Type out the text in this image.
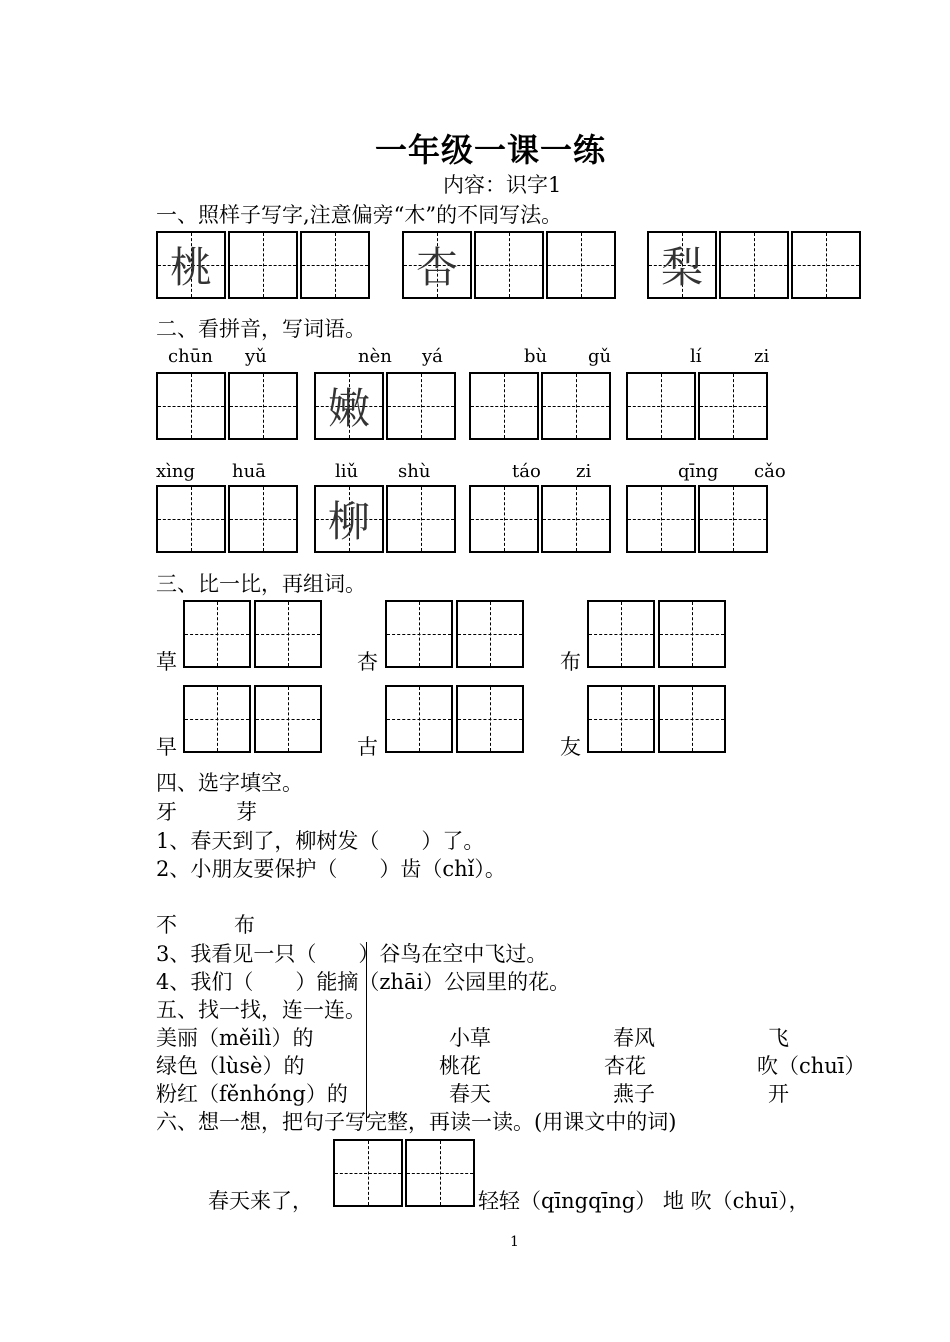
一年级一课一练
内容：识字1
一、照样子写字,注意偏旁“木”的不同写法。
桃	杏	梨
二、看拼音，写词语。
chūn yǔ	nèn yá	bù gǔ	lí	zi
嫩
xìng huā	liǔ shù	táo zi	qīng cǎo
柳
三、比一比，再组词。
草	杏	布
早	古	友
四、选字填空。
牙	芽
1、春天到了，柳树发（　　）了。
2、小朋友要保护（　　）齿（chǐ）。
不	布
3、我看见一只（　　）谷鸟在空中飞过。
4、我们（　　）能摘（zhāi）公园里的花。
五、找一找，连一连。
美丽（měilì）的	小草	春风	飞
绿色（lùsè）的	桃花	杏花	吹（chuī）
粉红（fěnhóng）的	春天	燕子	开
六、想一想，把句子写完整，再读一读。(用课文中的词)
春天来了，	轻轻（qīngqīng） 地 吹（chuī），
1
